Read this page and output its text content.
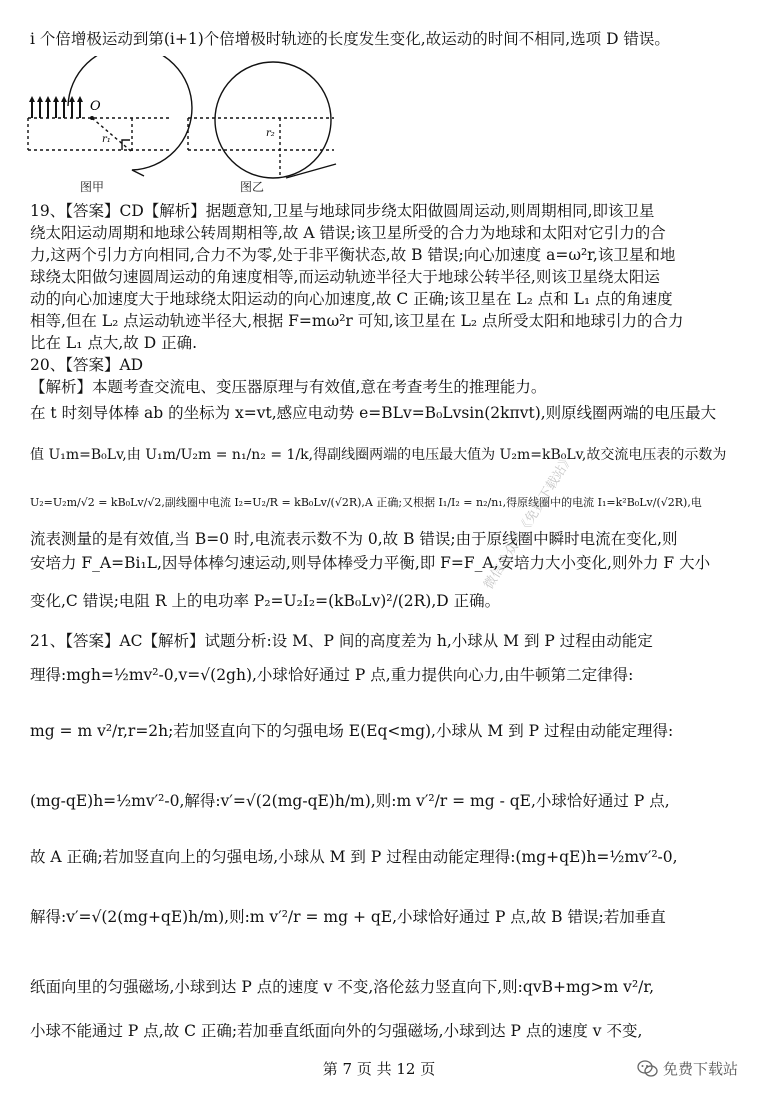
i 个倍增极运动到第(i+1)个倍增极时轨迹的长度发生变化,故运动的时间不相同,选项 D 错误。
19、【答案】CD【解析】据题意知,卫星与地球同步绕太阳做圆周运动,则周期相同,即该卫星
绕太阳运动周期和地球公转周期相等,故 A 错误;该卫星所受的合力为地球和太阳对它引力的合
力,这两个引力方向相同,合力不为零,处于非平衡状态,故 B 错误;向心加速度 a=ω²r,该卫星和地
球绕太阳做匀速圆周运动的角速度相等,而运动轨迹半径大于地球公转半径,则该卫星绕太阳运
动的向心加速度大于地球绕太阳运动的向心加速度,故 C 正确;该卫星在 L₂ 点和 L₁ 点的角速度
相等,但在 L₂ 点运动轨迹半径大,根据 F=mω²r 可知,该卫星在 L₂ 点所受太阳和地球引力的合力
比在 L₁ 点大,故 D 正确.
20、【答案】AD
【解析】本题考查交流电、变压器原理与有效值,意在考查考生的推理能力。
在 t 时刻导体棒 ab 的坐标为 x=vt,感应电动势 e=BLv=B₀Lvsin(2kπvt),则原线圈两端的电压最大
值 U₁m=B₀Lv,由 U₁m/U₂m = n₁/n₂ = 1/k,得副线圈两端的电压最大值为 U₂m=kB₀Lv,故交流电压表的示数为
U₂=U₂m/√2 = kB₀Lv/√2,副线圈中电流 I₂=U₂/R = kB₀Lv/(√2R),A 正确;又根据 I₁/I₂ = n₂/n₁,得原线圈中的电流 I₁=k²B₀Lv/(√2R),电
流表测量的是有效值,当 B=0 时,电流表示数不为 0,故 B 错误;由于原线圈中瞬时电流在变化,则
安培力 F_A=Bi₁L,因导体棒匀速运动,则导体棒受力平衡,即 F=F_A,安培力大小变化,则外力 F 大小
变化,C 错误;电阻 R 上的电功率 P₂=U₂I₂=(kB₀Lv)²/(2R),D 正确。
21、【答案】AC【解析】试题分析:设 M、P 间的高度差为 h,小球从 M 到 P 过程由动能定
理得:mgh=½mv²-0,v=√(2gh),小球恰好通过 P 点,重力提供向心力,由牛顿第二定律得:
mg = m v²/r,r=2h;若加竖直向下的匀强电场 E(Eq<mg),小球从 M 到 P 过程由动能定理得:
(mg-qE)h=½mv′²-0,解得:v′=√(2(mg-qE)h/m),则:m v′²/r = mg - qE,小球恰好通过 P 点,
故 A 正确;若加竖直向上的匀强电场,小球从 M 到 P 过程由动能定理得:(mg+qE)h=½mv′²-0,
解得:v′=√(2(mg+qE)h/m),则:m v′²/r = mg + qE,小球恰好通过 P 点,故 B 错误;若加垂直
纸面向里的匀强磁场,小球到达 P 点的速度 v 不变,洛伦兹力竖直向下,则:qvB+mg>m v²/r,
小球不能通过 P 点,故 C 正确;若加垂直纸面向外的匀强磁场,小球到达 P 点的速度 v 不变,
O
r₁
r₂
图甲	图乙
微信公众号《免费下载站》
第 7 页 共 12 页	免费下载站
